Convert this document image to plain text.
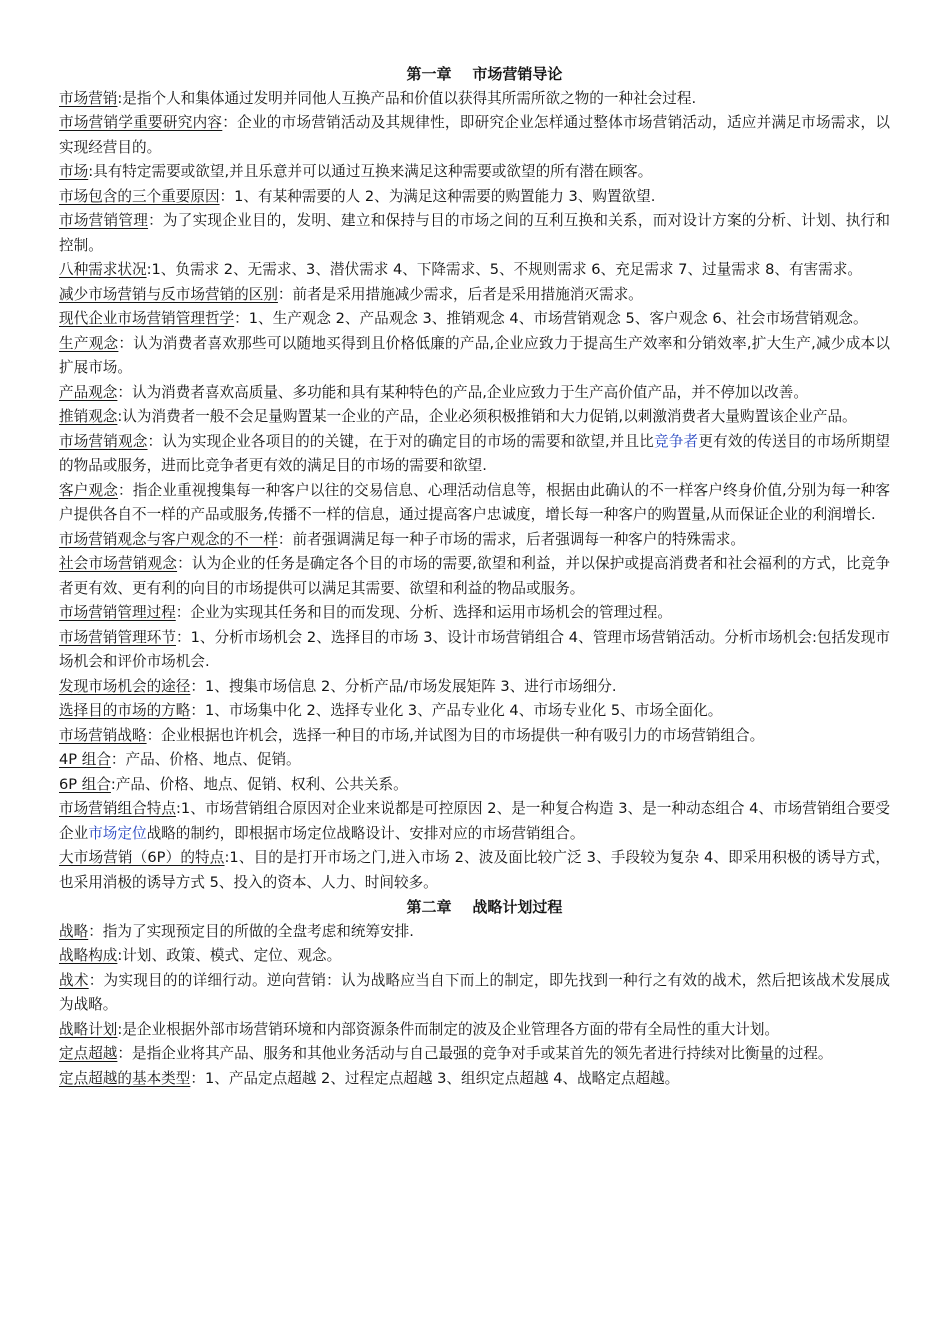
第一章    市场营销导论

市场营销:是指个人和集体通过发明并同他人互换产品和价值以获得其所需所欲之物的一种社会过程.

市场营销学重要研究内容：企业的市场营销活动及其规律性，即研究企业怎样通过整体市场营销活动，适应并满足市场需求，以实现经营目的。

市场:具有特定需要或欲望,并且乐意并可以通过互换来满足这种需要或欲望的所有潜在顾客。

市场包含的三个重要原因：1、有某种需要的人 2、为满足这种需要的购置能力 3、购置欲望.

市场营销管理：为了实现企业目的，发明、建立和保持与目的市场之间的互利互换和关系，而对设计方案的分析、计划、执行和控制。

八种需求状况:1、负需求 2、无需求、3、潜伏需求 4、下降需求、5、不规则需求 6、充足需求 7、过量需求 8、有害需求。

减少市场营销与反市场营销的区别：前者是采用措施减少需求，后者是采用措施消灭需求。

现代企业市场营销管理哲学：1、生产观念 2、产品观念 3、推销观念 4、市场营销观念 5、客户观念 6、社会市场营销观念。

生产观念：认为消费者喜欢那些可以随地买得到且价格低廉的产品,企业应致力于提高生产效率和分销效率,扩大生产,减少成本以扩展市场。

产品观念：认为消费者喜欢高质量、多功能和具有某种特色的产品,企业应致力于生产高价值产品，并不停加以改善。

推销观念:认为消费者一般不会足量购置某一企业的产品，企业必须积极推销和大力促销,以刺激消费者大量购置该企业产品。

市场营销观念：认为实现企业各项目的的关键，在于对的确定目的市场的需要和欲望,并且比竞争者更有效的传送目的市场所期望的物品或服务，进而比竞争者更有效的满足目的市场的需要和欲望.

客户观念：指企业重视搜集每一种客户以往的交易信息、心理活动信息等，根据由此确认的不一样客户终身价值,分别为每一种客户提供各自不一样的产品或服务,传播不一样的信息，通过提高客户忠诚度，增长每一种客户的购置量,从而保证企业的利润增长.

市场营销观念与客户观念的不一样：前者强调满足每一种子市场的需求，后者强调每一种客户的特殊需求。

社会市场营销观念：认为企业的任务是确定各个目的市场的需要,欲望和利益，并以保护或提高消费者和社会福利的方式，比竞争者更有效、更有利的向目的市场提供可以满足其需要、欲望和利益的物品或服务。

市场营销管理过程：企业为实现其任务和目的而发现、分析、选择和运用市场机会的管理过程。

市场营销管理环节：1、分析市场机会 2、选择目的市场 3、设计市场营销组合 4、管理市场营销活动。分析市场机会:包括发现市场机会和评价市场机会.

发现市场机会的途径：1、搜集市场信息 2、分析产品/市场发展矩阵 3、进行市场细分.

选择目的市场的方略：1、市场集中化 2、选择专业化 3、产品专业化 4、市场专业化 5、市场全面化。

市场营销战略：企业根据也许机会，选择一种目的市场,并试图为目的市场提供一种有吸引力的市场营销组合。

4P 组合：产品、价格、地点、促销。

6P 组合:产品、价格、地点、促销、权利、公共关系。

市场营销组合特点:1、市场营销组合原因对企业来说都是可控原因 2、是一种复合构造 3、是一种动态组合 4、市场营销组合要受企业市场定位战略的制约，即根据市场定位战略设计、安排对应的市场营销组合。

大市场营销（6P）的特点:1、目的是打开市场之门,进入市场 2、波及面比较广泛 3、手段较为复杂 4、即采用积极的诱导方式，也采用消极的诱导方式 5、投入的资本、人力、时间较多。

第二章    战略计划过程

战略：指为了实现预定目的所做的全盘考虑和统筹安排.

战略构成:计划、政策、模式、定位、观念。

战术：为实现目的的详细行动。逆向营销：认为战略应当自下而上的制定，即先找到一种行之有效的战术，然后把该战术发展成为战略。

战略计划:是企业根据外部市场营销环境和内部资源条件而制定的波及企业管理各方面的带有全局性的重大计划。

定点超越：是指企业将其产品、服务和其他业务活动与自己最强的竞争对手或某首先的领先者进行持续对比衡量的过程。

定点超越的基本类型：1、产品定点超越 2、过程定点超越 3、组织定点超越 4、战略定点超越。
